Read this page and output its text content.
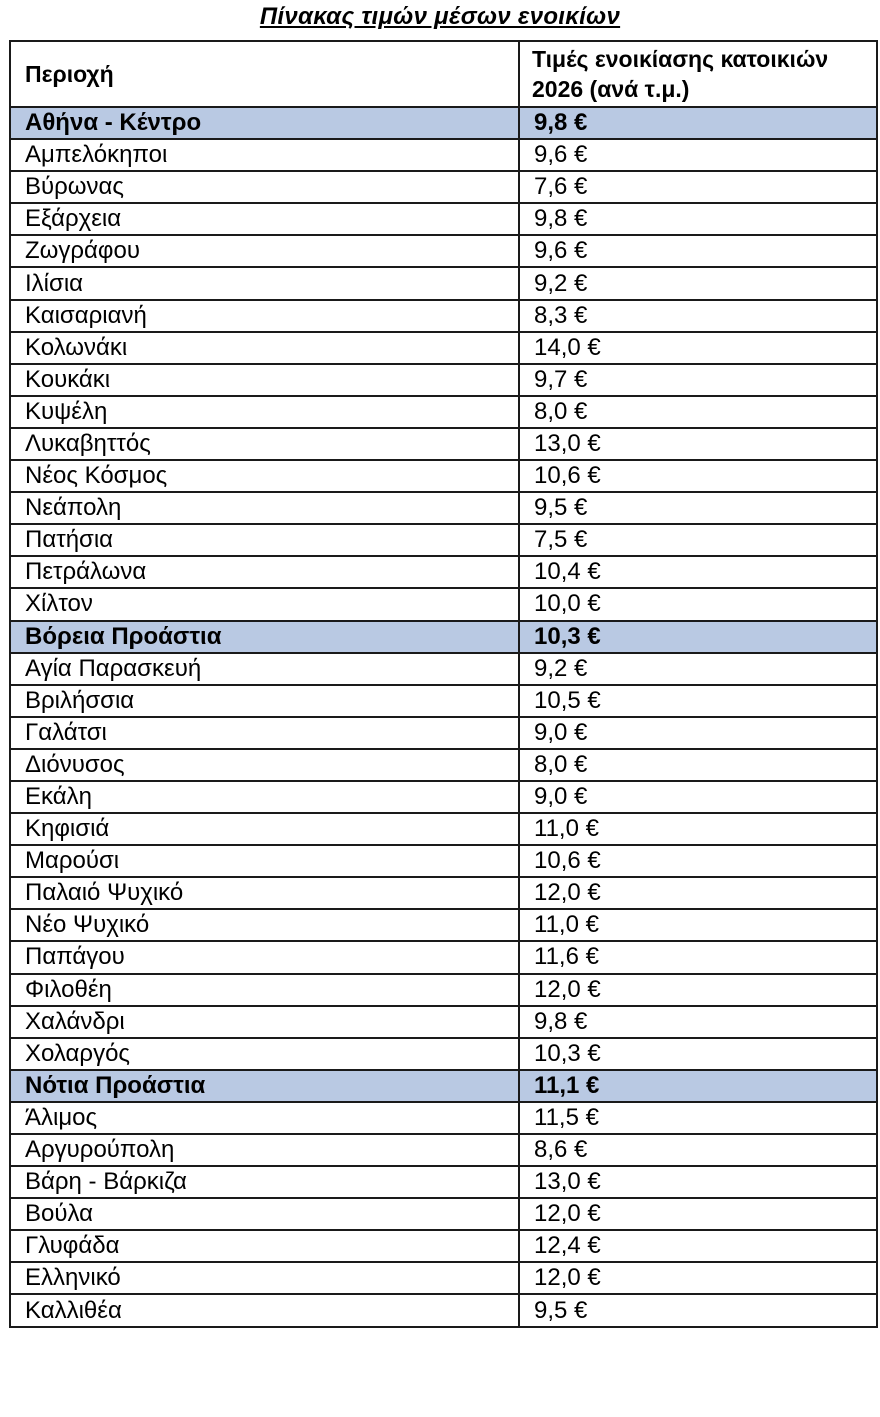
Πίνακας τιμών μέσων ενοικίων
Περιοχή	Τιμές ενοικίασης κατοικιών 2026 (ανά τ.μ.)
Αθήνα - Κέντρο	9,8 €
Αμπελόκηποι	9,6 €
Βύρωνας	7,6 €
Εξάρχεια	9,8 €
Ζωγράφου	9,6 €
Ιλίσια	9,2 €
Καισαριανή	8,3 €
Κολωνάκι	14,0 €
Κουκάκι	9,7 €
Κυψέλη	8,0 €
Λυκαβηττός	13,0 €
Νέος Κόσμος	10,6 €
Νεάπολη	9,5 €
Πατήσια	7,5 €
Πετράλωνα	10,4 €
Χίλτον	10,0 €
Βόρεια Προάστια	10,3 €
Αγία Παρασκευή	9,2 €
Βριλήσσια	10,5 €
Γαλάτσι	9,0 €
Διόνυσος	8,0 €
Εκάλη	9,0 €
Κηφισιά	11,0 €
Μαρούσι	10,6 €
Παλαιό Ψυχικό	12,0 €
Νέο Ψυχικό	11,0 €
Παπάγου	11,6 €
Φιλοθέη	12,0 €
Χαλάνδρι	9,8 €
Χολαργός	10,3 €
Νότια Προάστια	11,1 €
Άλιμος	11,5 €
Αργυρούπολη	8,6 €
Βάρη - Βάρκιζα	13,0 €
Βούλα	12,0 €
Γλυφάδα	12,4 €
Ελληνικό	12,0 €
Καλλιθέα	9,5 €
